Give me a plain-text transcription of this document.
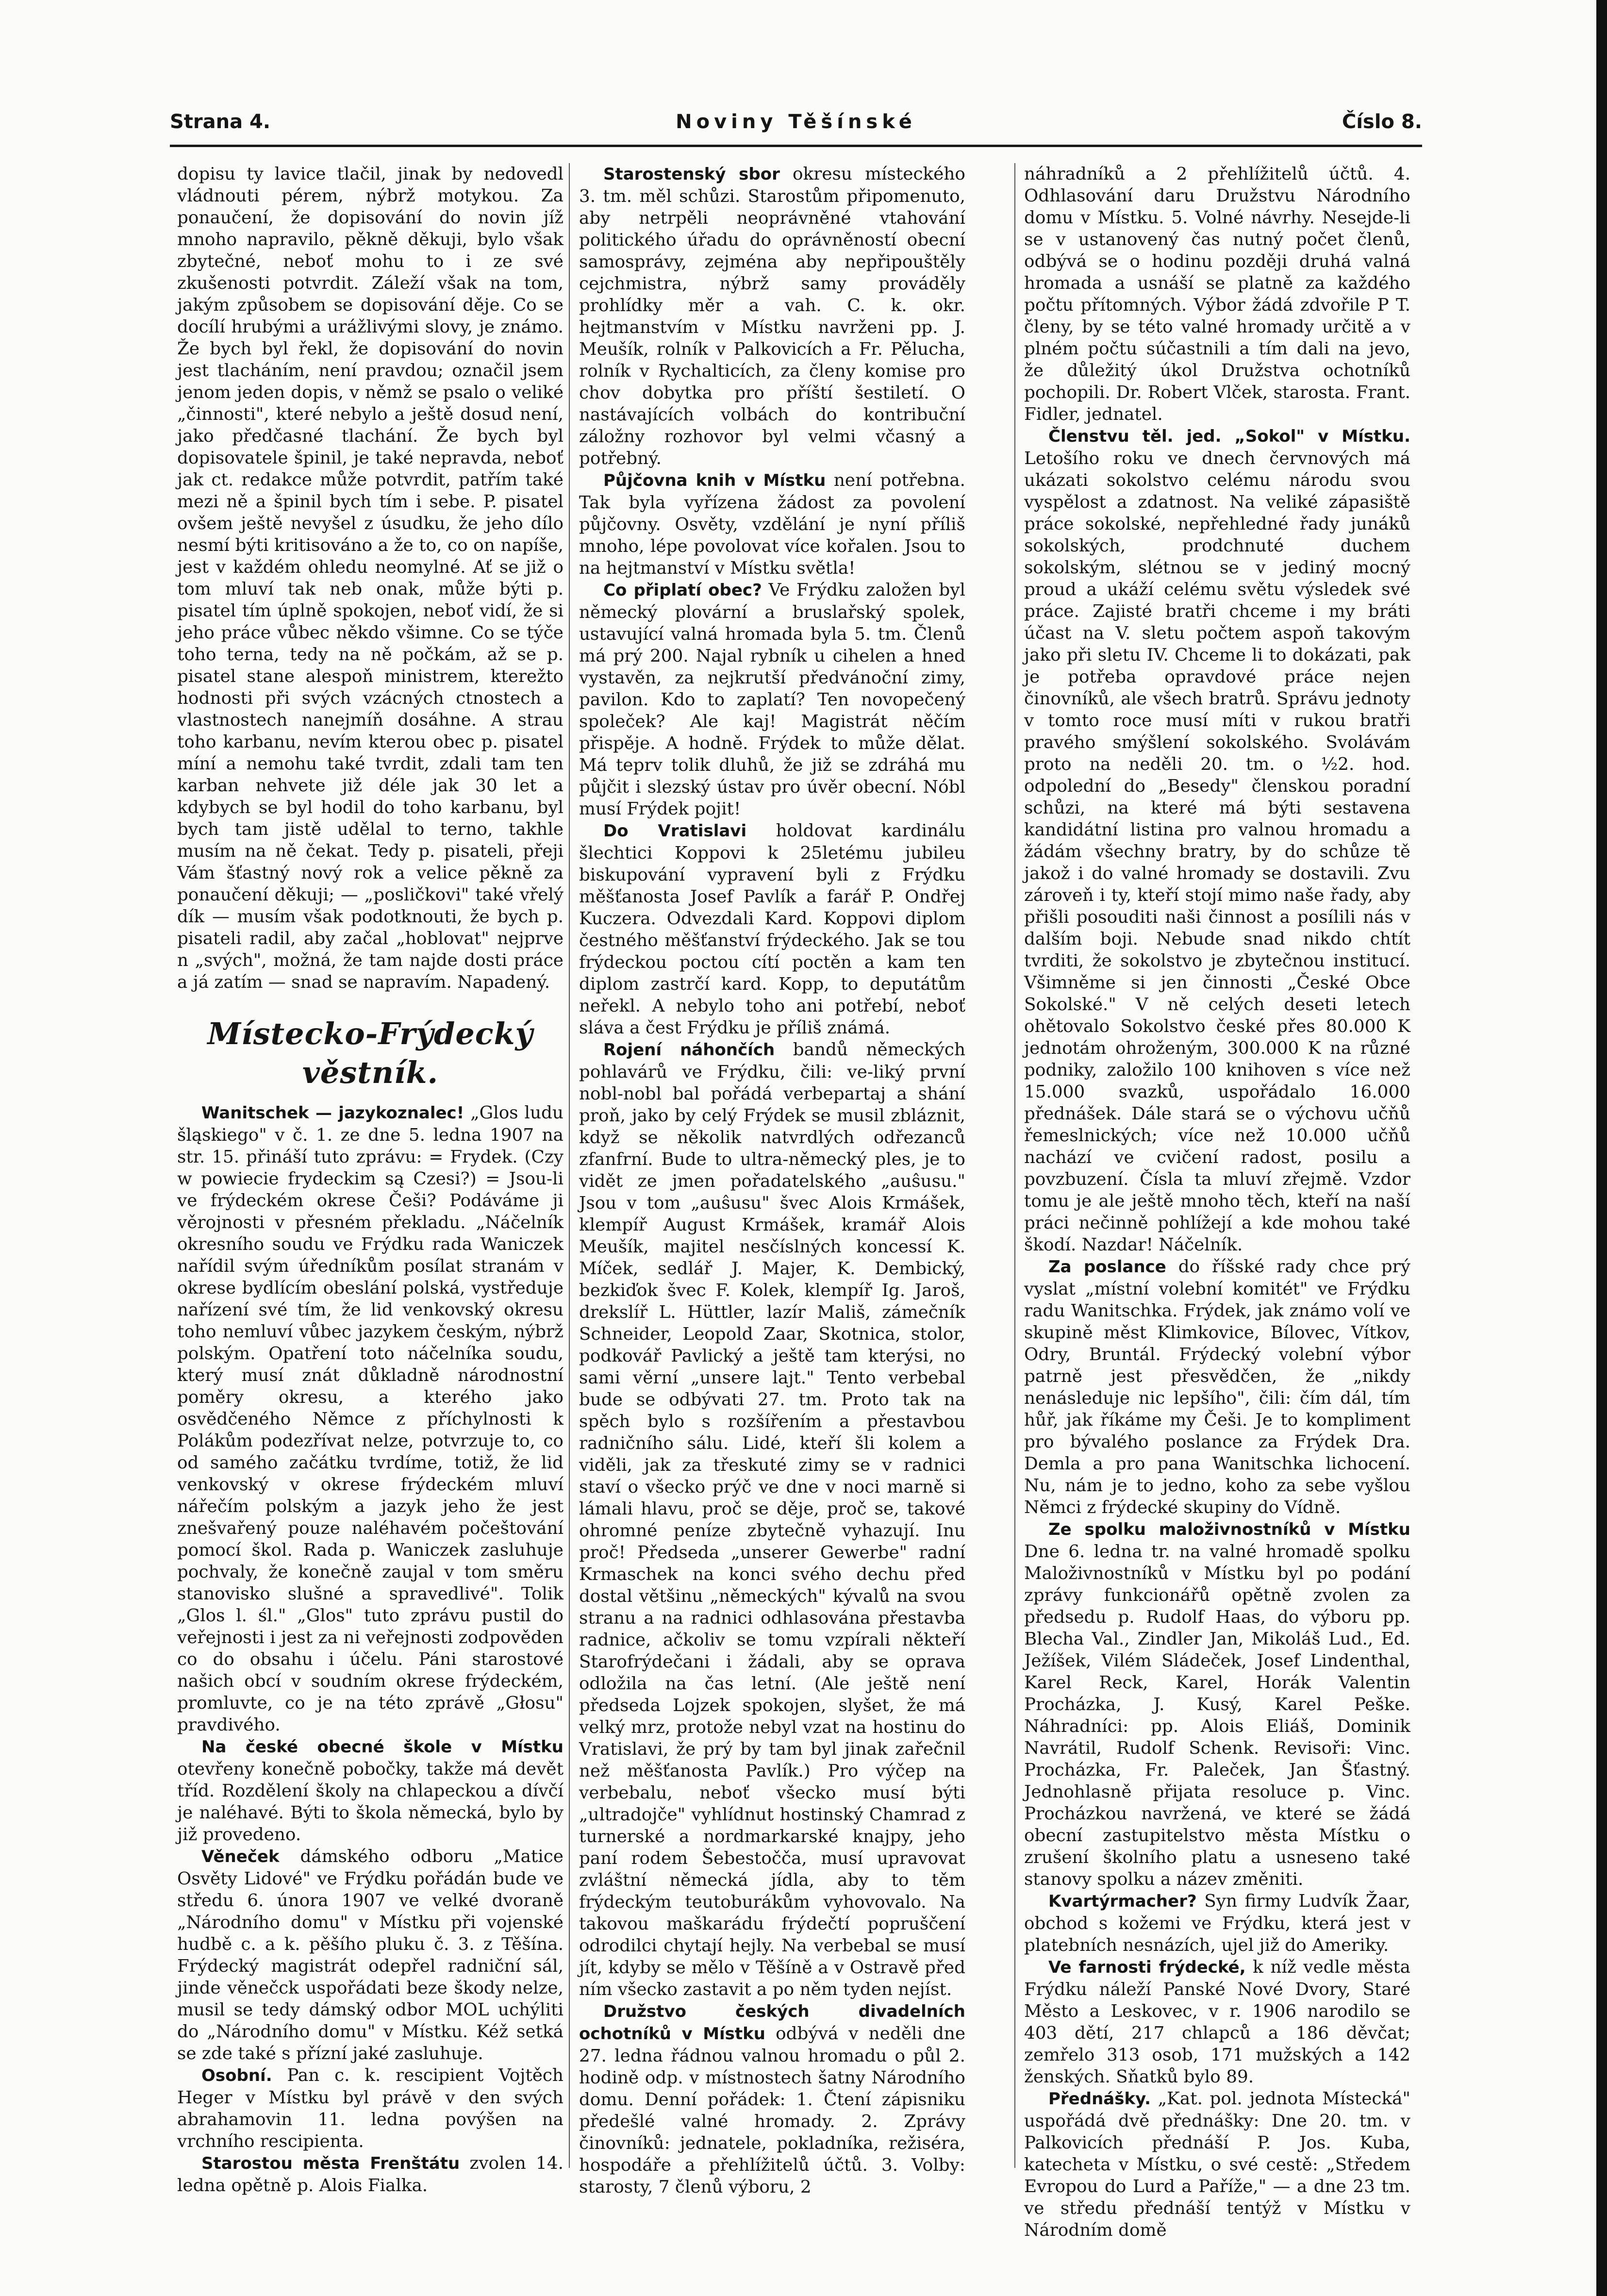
Strana 4.	Noviny Těšínské	Číslo 8.

dopisu ty lavice tlačil, jinak by nedovedl vládnouti pérem, nýbrž motykou. Za ponaučení, že dopisování do novin jíž mnoho napravilo, pěkně děkuji, bylo však zbytečné, neboť mohu to i ze své zkušenosti potvrdit. Záleží však na tom, jakým způsobem se dopisování děje. Co se docílí hrubými a urážlivými slovy, je známo. Že bych byl řekl, že dopisování do novin jest tlacháním, není pravdou; označil jsem jenom jeden dopis, v němž se psalo o veliké „činnosti", které nebylo a ještě dosud není, jako předčasné tlachání. Že bych byl dopisovatele špinil, je také nepravda, neboť jak ct. redakce může potvrdit, patřím také mezi ně a špinil bych tím i sebe. P. pisatel ovšem ještě nevyšel z úsudku, že jeho dílo nesmí býti kritisováno a že to, co on napíše, jest v každém ohledu neomylné. Ať se již o tom mluví tak neb onak, může býti p. pisatel tím úplně spokojen, neboť vidí, že si jeho práce vůbec někdo všimne. Co se týče toho terna, tedy na ně počkám, až se p. pisatel stane alespoň ministrem, kterežto hodnosti při svých vzácných ctnostech a vlastnostech nanejmíň dosáhne. A strau toho karbanu, nevím kterou obec p. pisatel míní a nemohu také tvrdit, zdali tam ten karban nehvete již déle jak 30 let a kdybych se byl hodil do toho karbanu, byl bych tam jistě udělal to terno, takhle musím na ně čekat. Tedy p. pisateli, přeji Vám šťastný nový rok a velice pěkně za ponaučení děkuji; — „posličkovi" také vřelý dík — musím však podotknouti, že bych p. pisateli radil, aby začal „hoblovat" nejprve n „svých", možná, že tam najde dosti práce a já zatím — snad se napravím. Napadený.

Místecko-Frýdecký věstník.

Wanitschek — jazykoznalec! „Glos ludu šląskiego" v č. 1. ze dne 5. ledna 1907 na str. 15. přináší tuto zprávu: = Frydek. (Czy w powiecie frydeckim są Czesi?) = Jsou-li ve frýdeckém okrese Češi? Podáváme ji věrojnosti v přesném překladu. „Náčelník okresního soudu ve Frýdku rada Waniczek nařídil svým úředníkům posílat stranám v okrese bydlícím obeslání polská, vystředuje nařízení své tím, že lid venkovský okresu toho nemluví vůbec jazykem českým, nýbrž polským. Opatření toto náčelníka soudu, který musí znát důkladně národnostní poměry okresu, a kterého jako osvědčeného Němce z příchylnosti k Polákům podezřívat nelze, potvrzuje to, co od samého začátku tvrdíme, totiž, že lid venkovský v okrese frýdeckém mluví nářečím polským a jazyk jeho že jest znešvařený pouze naléhavém počeštování pomocí škol. Rada p. Waniczek zasluhuje pochvaly, že konečně zaujal v tom směru stanovisko slušné a spravedlivé". Tolik „Glos l. śl." „Glos" tuto zprávu pustil do veřejnosti i jest za ni veřejnosti zodpověden co do obsahu i účelu. Páni starostové našich obcí v soudním okrese frýdeckém, promluvte, co je na této zprávě „Głosu" pravdivého.

Na české obecné škole v Místku otevřeny konečně pobočky, takže má devět tříd. Rozdělení školy na chlapeckou a dívčí je naléhavé. Býti to škola německá, bylo by již provedeno.

Věneček dámského odboru „Matice Osvěty Lidové" ve Frýdku pořádán bude ve středu 6. února 1907 ve velké dvoraně „Národního domu" v Místku při vojenské hudbě c. a k. pěšího pluku č. 3. z Těšína. Frýdecký magistrát odepřel radniční sál, jinde věnečck uspořádati beze škody nelze, musil se tedy dámský odbor MOL uchýliti do „Národního domu" v Místku. Kéž setká se zde také s přízní jaké zasluhuje.

Osobní. Pan c. k. rescipient Vojtěch Heger v Místku byl právě v den svých abrahamovin 11. ledna povýšen na vrchního rescipienta.

Starostou města Frenštátu zvolen 14. ledna opětně p. Alois Fialka.

Starostenský sbor okresu místeckého 3. tm. měl schůzi. Starostům připomenuto, aby netrpěli neoprávněné vtahování politického úřadu do oprávněností obecní samosprávy, zejména aby nepřipouštěly cejchmistra, nýbrž samy prováděly prohlídky měr a vah. C. k. okr. hejtmanstvím v Místku navrženi pp. J. Meušík, rolník v Palkovicích a Fr. Pělucha, rolník v Rychalticích, za členy komise pro chov dobytka pro příští šestiletí. O nastávajících volbách do kontribuční záložny rozhovor byl velmi včasný a potřebný.

Půjčovna knih v Místku není potřebna. Tak byla vyřízena žádost za povolení půjčovny. Osvěty, vzdělání je nyní příliš mnoho, lépe povolovat více kořalen. Jsou to na hejtmanství v Místku světla!

Co připlatí obec? Ve Frýdku založen byl německý plovární a bruslařský spolek, ustavující valná hromada byla 5. tm. Členů má prý 200. Najal rybník u cihelen a hned vystavěn, za nejkrutší předvánoční zimy, pavilon. Kdo to zaplatí? Ten novopečený společek? Ale kaj! Magistrát něčím přispěje. A hodně. Frýdek to může dělat. Má teprv tolik dluhů, že již se zdráhá mu půjčit i slezský ústav pro úvěr obecní. Nóbl musí Frýdek pojit!

Do Vratislavi holdovat kardinálu šlechtici Koppovi k 25letému jubileu biskupování vypravení byli z Frýdku měšťanosta Josef Pavlík a farář P. Ondřej Kuczera. Odvezdali Kard. Koppovi diplom čestného měšťanství frýdeckého. Jak se tou frýdeckou poctou cítí poctěn a kam ten diplom zastrčí kard. Kopp, to deputátům neřekl. A nebylo toho ani potřebí, neboť sláva a čest Frýdku je příliš známá.

Rojení náhončích bandů německých pohlavárů ve Frýdku, čili: ve-liký první nobl-nobl bal pořádá verbepartaj a shání proň, jako by celý Frýdek se musil zbláznit, když se několik natvrdlých odřezanců zfanfrní. Bude to ultra-německý ples, je to vidět ze jmen pořadatelského „auŝusu." Jsou v tom „auŝusu" švec Alois Krmášek, klempíř August Krmášek, kramář Alois Meušík, majitel nesčíslných koncessí K. Míček, sedlář J. Majer, K. Dembický, bezkiďok švec F. Kolek, klempíř Ig. Jaroš, drekslíř L. Hüttler, lazír Mališ, zámečník Schneider, Leopold Zaar, Skotnica, stolor, podkovář Pavlický a ještě tam kterýsi, no sami věrní „unsere lajt." Tento verbebal bude se odbývati 27. tm. Proto tak na spěch bylo s rozšířením a přestavbou radničního sálu. Lidé, kteří šli kolem a viděli, jak za třeskuté zimy se v radnici staví o všecko prýč ve dne v noci marně si lámali hlavu, proč se děje, proč se, takové ohromné peníze zbytečně vyhazují. Inu proč! Předseda „unserer Gewerbe" radní Krmaschek na konci svého dechu před dostal většinu „německých" kývalů na svou stranu a na radnici odhlasována přestavba radnice, ačkoliv se tomu vzpírali někteří Starofrýdečani i žádali, aby se oprava odložila na čas letní. (Ale ještě není předseda Lojzek spokojen, slyšet, že má velký mrz, protože nebyl vzat na hostinu do Vratislavi, že prý by tam byl jinak zařečnil než měšťanosta Pavlík.) Pro výčep na verbebalu, neboť všecko musí býti „ultradojče" vyhlídnut hostinský Chamrad z turnerské a nordmarkarské knajpy, jeho paní rodem Šebestočča, musí upravovat zvláštní německá jídla, aby to těm frýdeckým teutoburákům vyhovovalo. Na takovou maškarádu frýdečtí popruščení odrodilci chytají hejly. Na verbebal se musí jít, kdyby se mělo v Těšíně a v Ostravě před ním všecko zastavit a po něm tyden nejíst.

Družstvo českých divadelních ochotníků v Místku odbývá v neděli dne 27. ledna řádnou valnou hromadu o půl 2. hodině odp. v místnostech šatny Národního domu. Denní pořádek: 1. Čtení zápisniku předešlé valné hromady. 2. Zprávy činovníků: jednatele, pokladníka, režiséra, hospodáře a přehlížitelů účtů. 3. Volby: starosty, 7 členů výboru, 2

náhradníků a 2 přehlížitelů účtů. 4. Odhlasování daru Družstvu Národního domu v Místku. 5. Volné návrhy. Nesejde-li se v ustanovený čas nutný počet členů, odbývá se o hodinu později druhá valná hromada a usnáší se platně za každého počtu přítomných. Výbor žádá zdvořile P T. členy, by se této valné hromady určitě a v plném počtu súčastnili a tím dali na jevo, že důležitý úkol Družstva ochotníků pochopili. Dr. Robert Vlček, starosta. Frant. Fidler, jednatel.

Členstvu těl. jed. „Sokol" v Místku. Letošího roku ve dnech červnových má ukázati sokolstvo celému národu svou vyspělost a zdatnost. Na veliké zápasiště práce sokolské, nepřehledné řady junáků sokolských, prodchnuté duchem sokolským, slétnou se v jediný mocný proud a ukáží celému světu výsledek své práce. Zajisté bratři chceme i my bráti účast na V. sletu počtem aspoň takovým jako při sletu IV. Chceme li to dokázati, pak je potřeba opravdové práce nejen činovníků, ale všech bratrů. Správu jednoty v tomto roce musí míti v rukou bratři pravého smýšlení sokolského. Svolávám proto na neděli 20. tm. o ½2. hod. odpolední do „Besedy" členskou poradní schůzi, na které má býti sestavena kandidátní listina pro valnou hromadu a žádám všechny bratry, by do schůze tě jakož i do valné hromady se dostavili. Zvu zároveň i ty, kteří stojí mimo naše řady, aby přišli posouditi naši činnost a posílili nás v dalším boji. Nebude snad nikdo chtít tvrditi, že sokolstvo je zbytečnou institucí. Všimněme si jen činnosti „České Obce Sokolské." V ně celých deseti letech ohětovalo Sokolstvo české přes 80.000 K jednotám ohroženým, 300.000 K na různé podniky, založilo 100 knihoven s více než 15.000 svazků, uspořádalo 16.000 přednášek. Dále stará se o výchovu učňů řemeslnických; více než 10.000 učňů nachází ve cvičení radost, posilu a povzbuzení. Čísla ta mluví zřejmě. Vzdor tomu je ale ještě mnoho těch, kteří na naší práci nečinně pohlížejí a kde mohou také škodí. Nazdar! Náčelník.

Za poslance do říšské rady chce prý vyslat „místní volební komitét" ve Frýdku radu Wanitschka. Frýdek, jak známo volí ve skupině měst Klimkovice, Bílovec, Vítkov, Odry, Bruntál. Frýdecký volební výbor patrně jest přesvědčen, že „nikdy nenásleduje nic lepšího", čili: čím dál, tím hůř, jak říkáme my Češi. Je to kompliment pro bývalého poslance za Frýdek Dra. Demla a pro pana Wanitschka lichocení. Nu, nám je to jedno, koho za sebe vyšlou Němci z frýdecké skupiny do Vídně.

Ze spolku maloživnostníků v Místku Dne 6. ledna tr. na valné hromadě spolku Maloživnostníků v Místku byl po podání zprávy funkcionářů opětně zvolen za předsedu p. Rudolf Haas, do výboru pp. Blecha Val., Zindler Jan, Mikoláš Lud., Ed. Ježíšek, Vilém Sládeček, Josef Lindenthal, Karel Reck, Karel, Horák Valentin Procházka, J. Kusý, Karel Peške. Náhradníci: pp. Alois Eliáš, Dominik Navrátil, Rudolf Schenk. Revisoři: Vinc. Procházka, Fr. Paleček, Jan Šťastný. Jednohlasně přijata resoluce p. Vinc. Procházkou navržená, ve které se žádá obecní zastupitelstvo města Místku o zrušení školního platu a usneseno také stanovy spolku a název změniti.

Kvartýrmacher? Syn firmy Ludvík Žaar, obchod s kožemi ve Frýdku, která jest v platebních nesnázích, ujel již do Ameriky.

Ve farnosti frýdecké, k níž vedle města Frýdku náleží Panské Nové Dvory, Staré Město a Leskovec, v r. 1906 narodilo se 403 dětí, 217 chlapců a 186 děvčat; zemřelo 313 osob, 171 mužských a 142 ženských. Sňatků bylo 89.

Přednášky. „Kat. pol. jednota Místecká" uspořádá dvě přednášky: Dne 20. tm. v Palkovicích přednáší P. Jos. Kuba, katecheta v Místku, o své cestě: „Středem Evropou do Lurd a Paříže," — a dne 23 tm. ve středu přednáší tentýž v Místku v Národním domě
